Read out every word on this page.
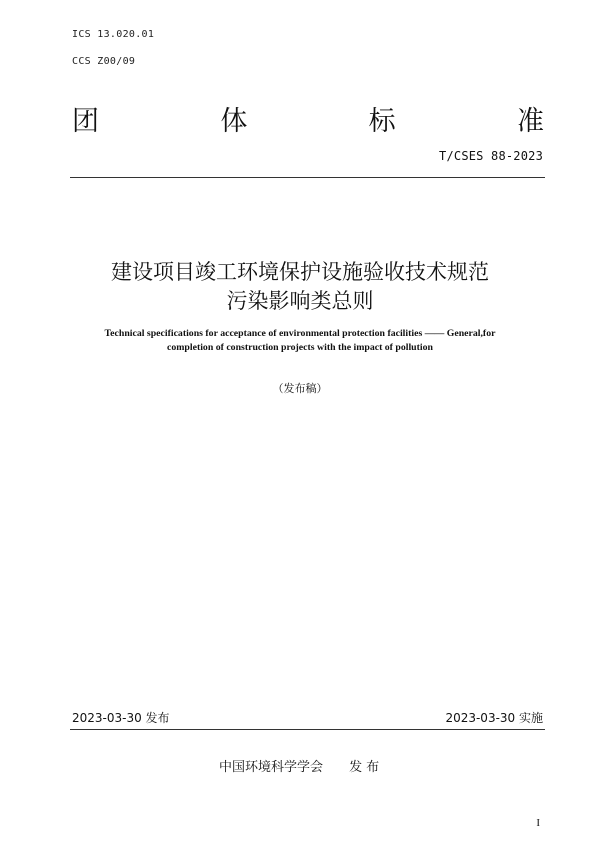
ICS 13.020.01
CCS Z00/09
团	体	标	准
T/CSES 88-2023
建设项目竣工环境保护设施验收技术规范
污染影响类总则
Technical specifications for acceptance of environmental protection facilities —— General,for
completion of construction projects with the impact of pollution
（发布稿）
2023-03-30 发布	2023-03-30 实施
中国环境科学学会 发布
I
